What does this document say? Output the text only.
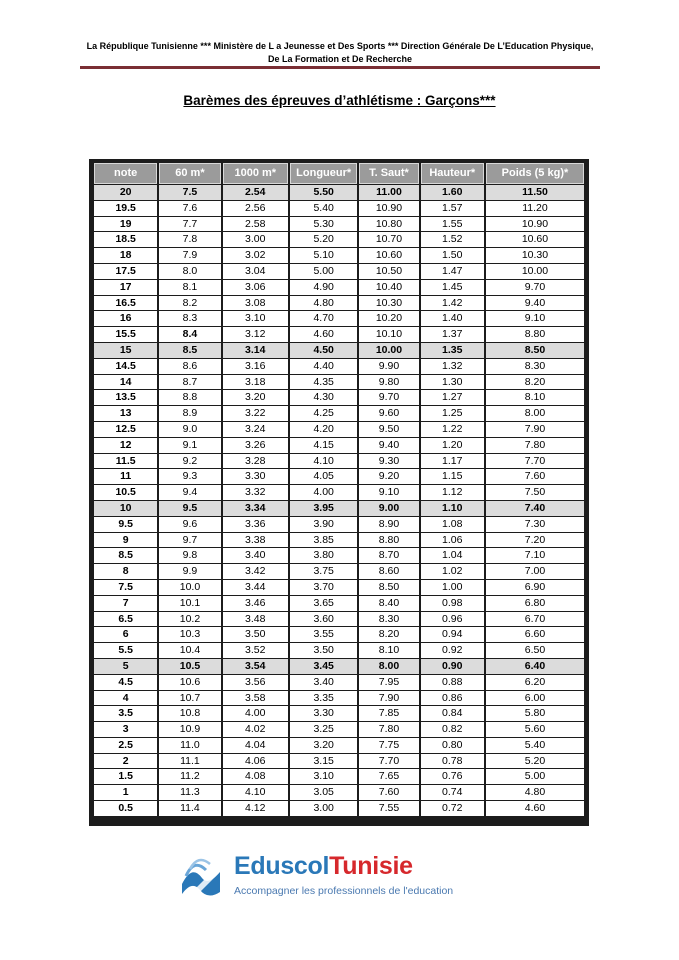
La République Tunisienne *** Ministère de L a Jeunesse et Des Sports *** Direction Générale De L’Education Physique,
De La Formation et De Recherche
Barèmes des épreuves d’athlétisme : Garçons***
note	60 m*	1000 m*	Longueur*	T. Saut*	Hauteur*	Poids (5 kg)*
20	7.5	2.54	5.50	11.00	1.60	11.50
19.5	7.6	2.56	5.40	10.90	1.57	11.20
19	7.7	2.58	5.30	10.80	1.55	10.90
18.5	7.8	3.00	5.20	10.70	1.52	10.60
18	7.9	3.02	5.10	10.60	1.50	10.30
17.5	8.0	3.04	5.00	10.50	1.47	10.00
17	8.1	3.06	4.90	10.40	1.45	9.70
16.5	8.2	3.08	4.80	10.30	1.42	9.40
16	8.3	3.10	4.70	10.20	1.40	9.10
15.5	8.4	3.12	4.60	10.10	1.37	8.80
15	8.5	3.14	4.50	10.00	1.35	8.50
14.5	8.6	3.16	4.40	9.90	1.32	8.30
14	8.7	3.18	4.35	9.80	1.30	8.20
13.5	8.8	3.20	4.30	9.70	1.27	8.10
13	8.9	3.22	4.25	9.60	1.25	8.00
12.5	9.0	3.24	4.20	9.50	1.22	7.90
12	9.1	3.26	4.15	9.40	1.20	7.80
11.5	9.2	3.28	4.10	9.30	1.17	7.70
11	9.3	3.30	4.05	9.20	1.15	7.60
10.5	9.4	3.32	4.00	9.10	1.12	7.50
10	9.5	3.34	3.95	9.00	1.10	7.40
9.5	9.6	3.36	3.90	8.90	1.08	7.30
9	9.7	3.38	3.85	8.80	1.06	7.20
8.5	9.8	3.40	3.80	8.70	1.04	7.10
8	9.9	3.42	3.75	8.60	1.02	7.00
7.5	10.0	3.44	3.70	8.50	1.00	6.90
7	10.1	3.46	3.65	8.40	0.98	6.80
6.5	10.2	3.48	3.60	8.30	0.96	6.70
6	10.3	3.50	3.55	8.20	0.94	6.60
5.5	10.4	3.52	3.50	8.10	0.92	6.50
5	10.5	3.54	3.45	8.00	0.90	6.40
4.5	10.6	3.56	3.40	7.95	0.88	6.20
4	10.7	3.58	3.35	7.90	0.86	6.00
3.5	10.8	4.00	3.30	7.85	0.84	5.80
3	10.9	4.02	3.25	7.80	0.82	5.60
2.5	11.0	4.04	3.20	7.75	0.80	5.40
2	11.1	4.06	3.15	7.70	0.78	5.20
1.5	11.2	4.08	3.10	7.65	0.76	5.00
1	11.3	4.10	3.05	7.60	0.74	4.80
0.5	11.4	4.12	3.00	7.55	0.72	4.60
EduscolTunisie
Accompagner les professionnels de l'education
